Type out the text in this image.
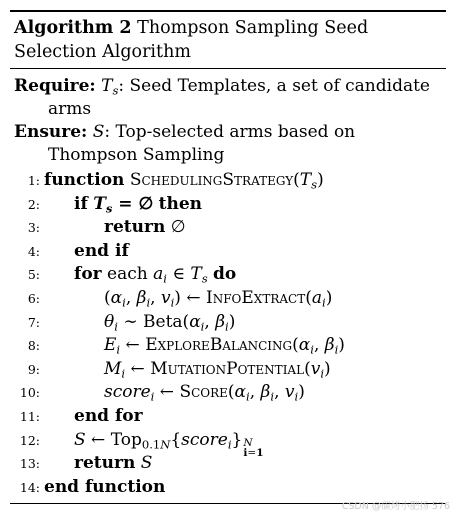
Algorithm 2 Thompson Sampling Seed Selection Algorithm
Require: $T_s$: Seed Templates, a set of candidate arms
Ensure: S: Top-selected arms based on Thompson Sampling
1: function $SchedulingStrategy(T_s)$
2:	if $T_s$ = ∅ then
3:	return ∅
4:	end if
5:	for each $a_i$ ∈ $T_s$ do
6:	($\alpha_i$, $\beta_i$, $v_i$) ← $InfoExtract(a_i)$
7:	$\theta_i$ ∼ $Beta(\alpha_i$, $\beta_i$)
8:	$E_i$ ← $ExploreBalancing(\alpha_i$, $\beta_i$)
9:	$M_i$ ← $MutationPotential(v_i)$
10:	score$_i$ ← $Score(\alpha_i$, $\beta_i$, $v_i$)
11:	end for
12:	S ← Top$_{0.1N}${score$_i$} N
i=1
13:	return S
14: end function
CSDN @碳烤小肥扬 576
